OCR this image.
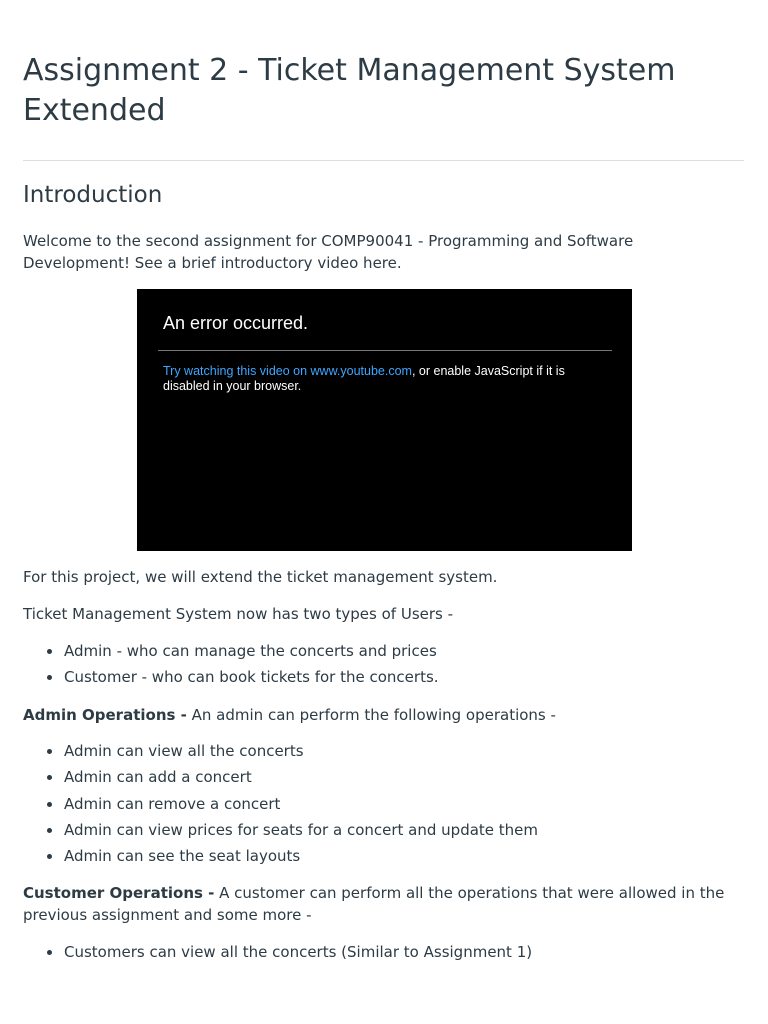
Assignment 2 - Ticket Management System Extended
Introduction

Welcome to the second assignment for COMP90041 - Programming and Software Development! See a brief introductory video here.

An error occurred.
Try watching this video on www.youtube.com, or enable JavaScript if it is disabled in your browser.

For this project, we will extend the ticket management system.

Ticket Management System now has two types of Users -

Admin - who can manage the concerts and prices
Customer - who can book tickets for the concerts.

Admin Operations - An admin can perform the following operations -

Admin can view all the concerts
Admin can add a concert
Admin can remove a concert
Admin can view prices for seats for a concert and update them
Admin can see the seat layouts

Customer Operations - A customer can perform all the operations that were allowed in the previous assignment and some more -

Customers can view all the concerts (Similar to Assignment 1)
